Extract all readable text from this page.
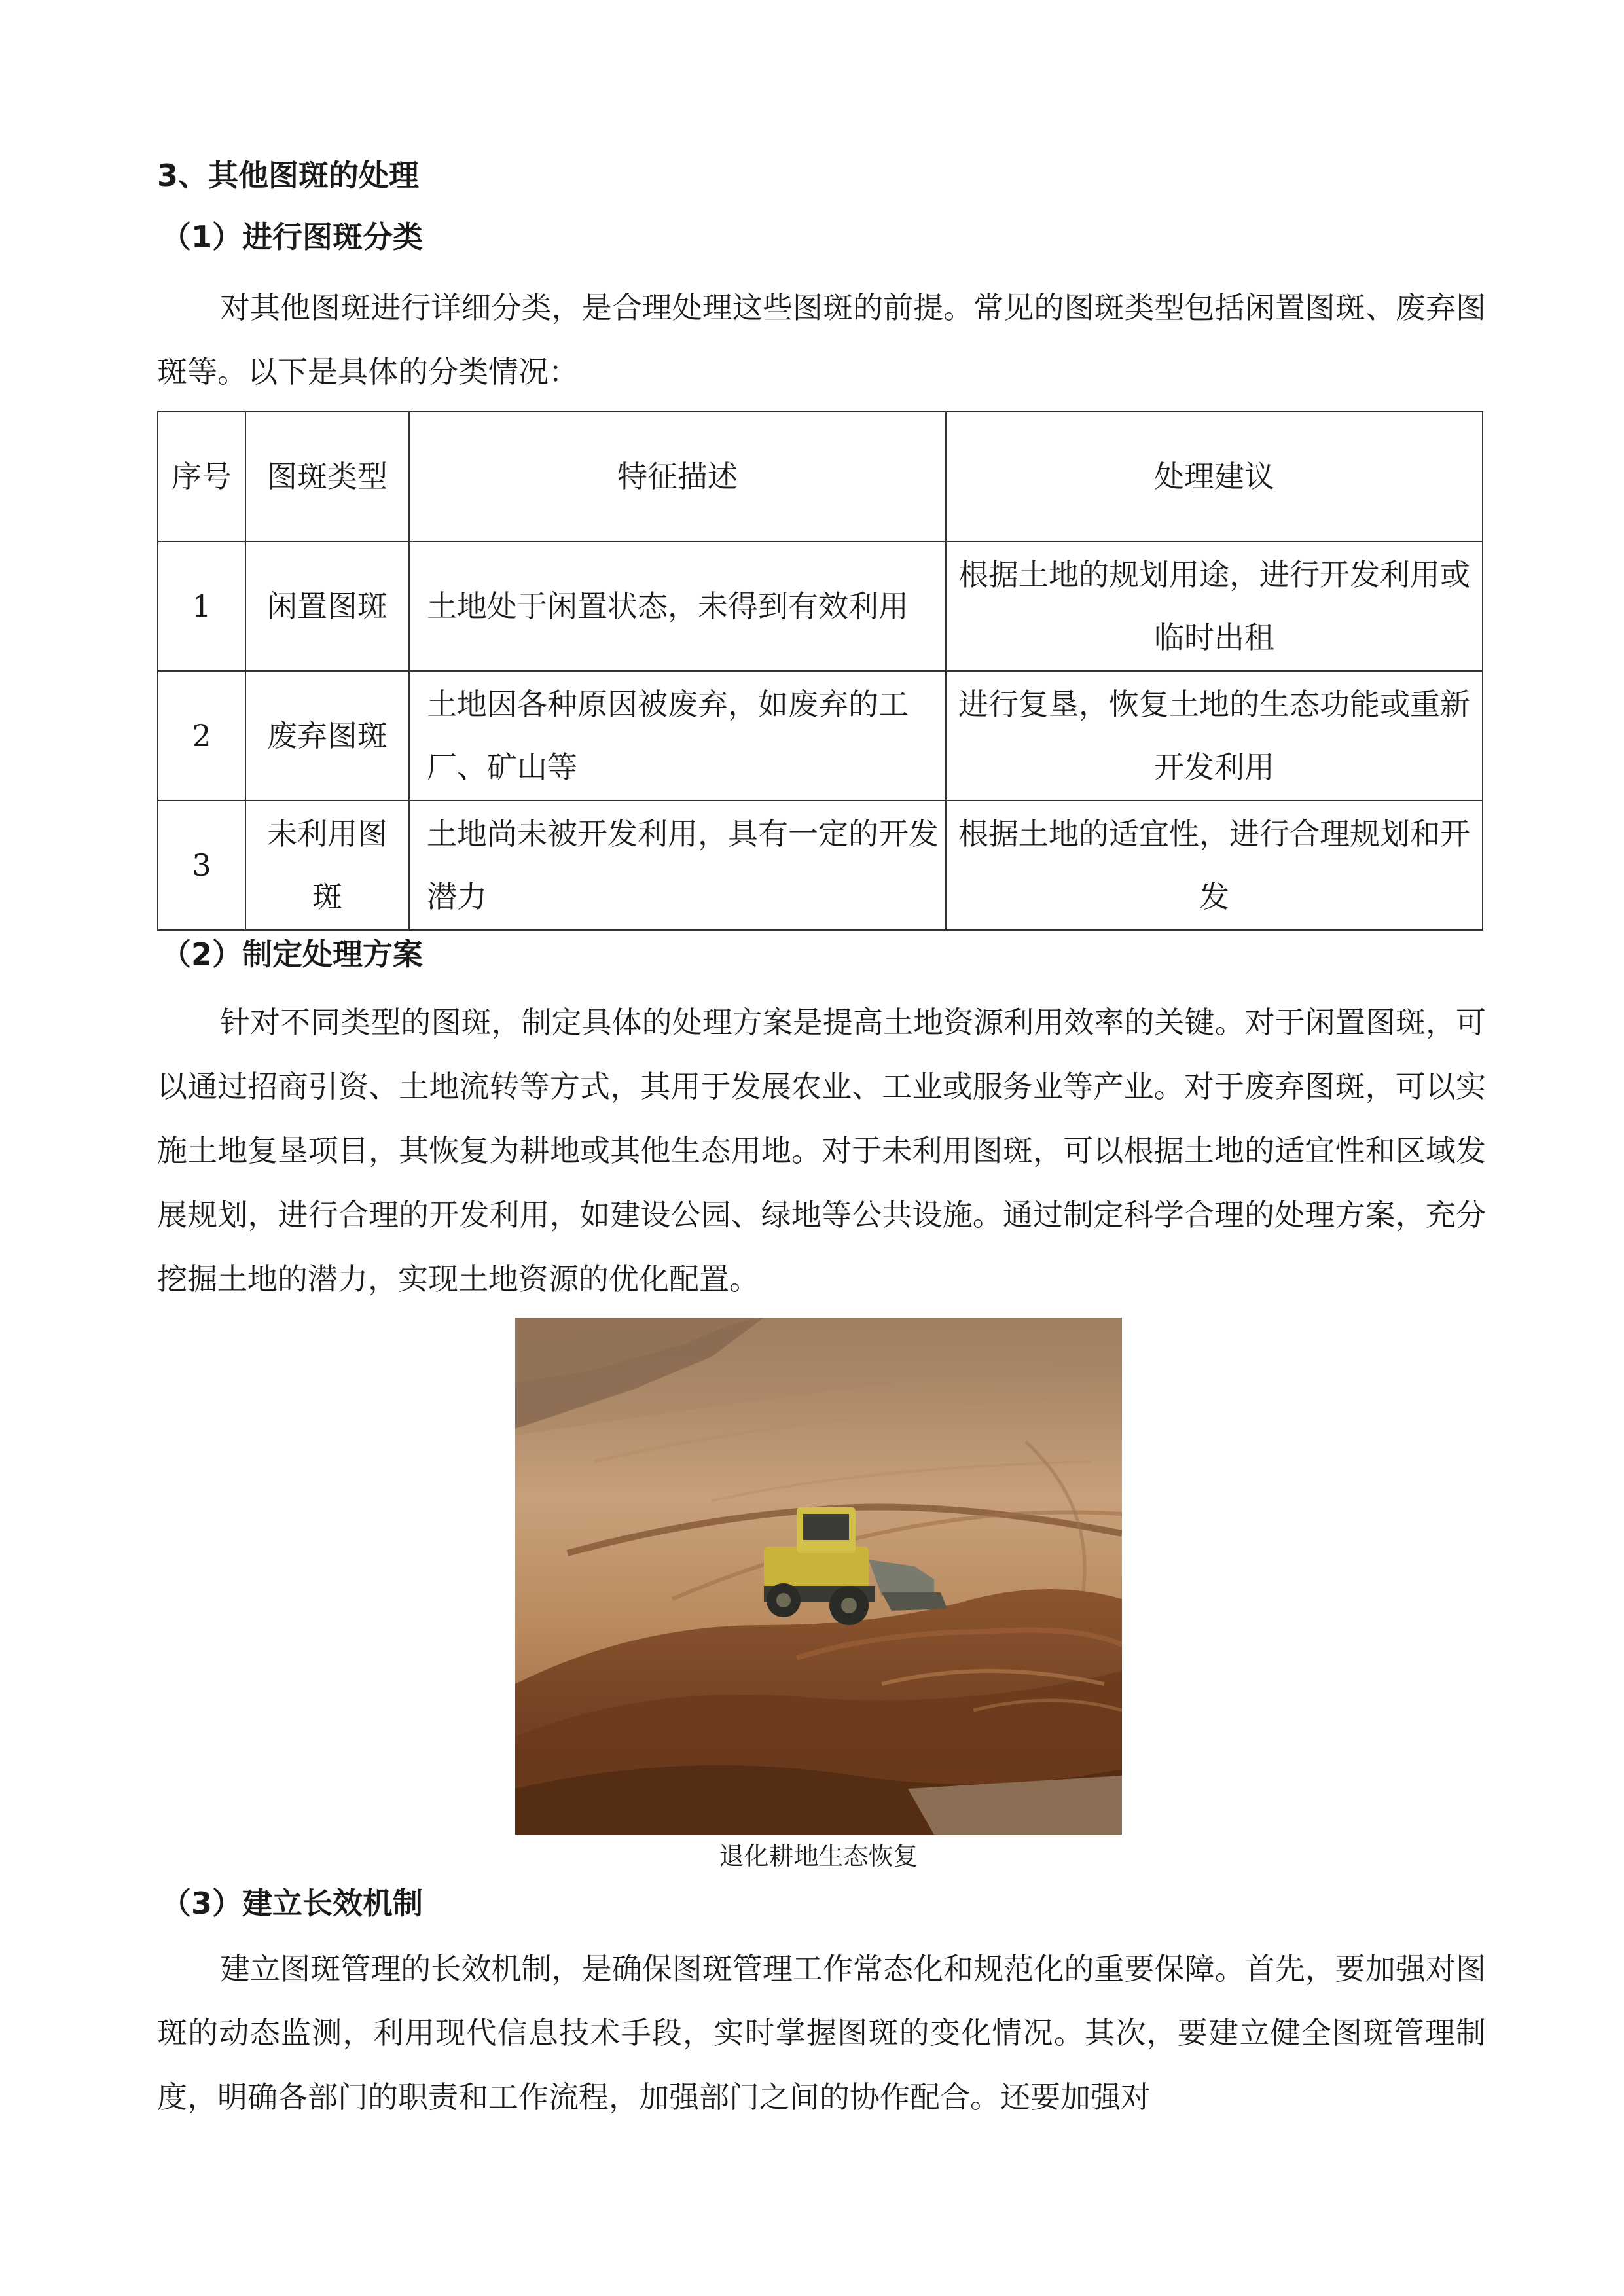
3、其他图斑的处理
（1）进行图斑分类

对其他图斑进行详细分类，是合理处理这些图斑的前提。常见的图斑类型包括闲置图斑、废弃图斑等。以下是具体的分类情况：

序号	图斑类型	特征描述	处理建议
1	闲置图斑	土地处于闲置状态，未得到有效利用	根据土地的规划用途，进行开发利用或临时出租
2	废弃图斑	土地因各种原因被废弃，如废弃的工厂、矿山等	进行复垦，恢复土地的生态功能或重新开发利用
3	未利用图斑	土地尚未被开发利用，具有一定的开发潜力	根据土地的适宜性，进行合理规划和开发
（2）制定处理方案

针对不同类型的图斑，制定具体的处理方案是提高土地资源利用效率的关键。对于闲置图斑，可以通过招商引资、土地流转等方式，其用于发展农业、工业或服务业等产业。对于废弃图斑，可以实施土地复垦项目，其恢复为耕地或其他生态用地。对于未利用图斑，可以根据土地的适宜性和区域发展规划，进行合理的开发利用，如建设公园、绿地等公共设施。通过制定科学合理的处理方案，充分挖掘土地的潜力，实现土地资源的优化配置。

退化耕地生态恢复

（3）建立长效机制

建立图斑管理的长效机制，是确保图斑管理工作常态化和规范化的重要保障。首先，要加强对图斑的动态监测，利用现代信息技术手段，实时掌握图斑的变化情况。其次，要建立健全图斑管理制度，明确各部门的职责和工作流程，加强部门之间的协作配合。还要加强对
